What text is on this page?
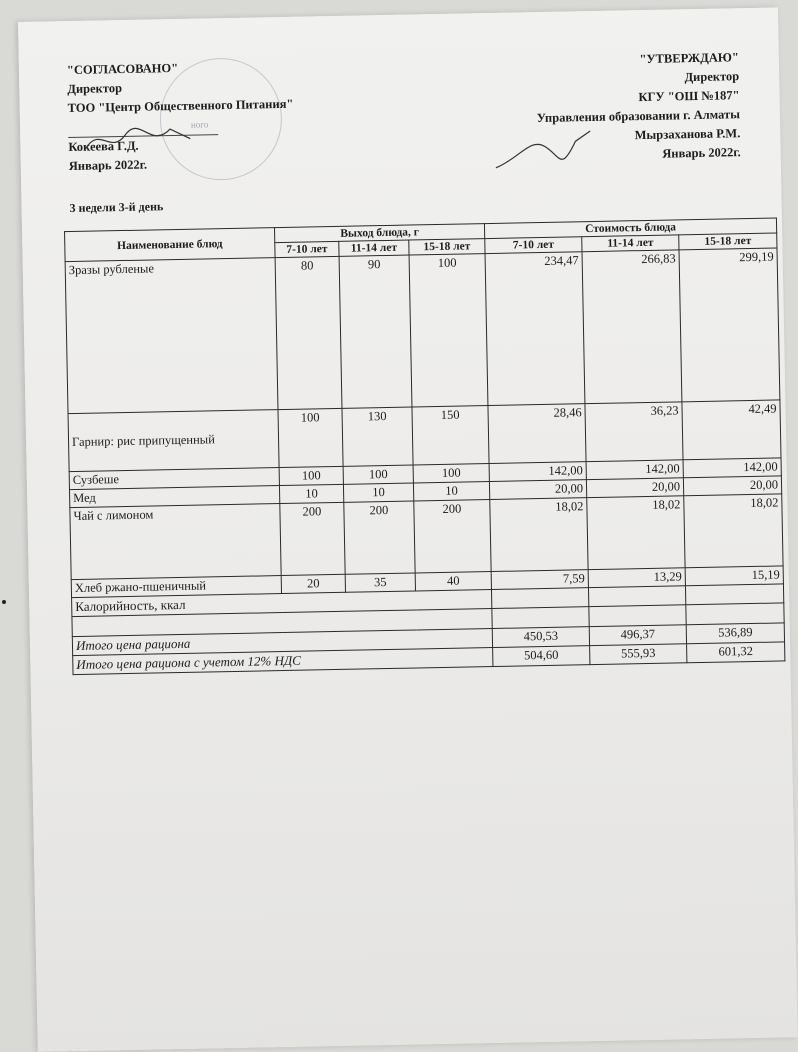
ного
"СОГЛАСОВАНО"
Директор
ТОО "Центр Общественного Питания"
Кокеева Г.Д.
Январь 2022г.
"УТВЕРЖДАЮ"
Директор
КГУ "ОШ №187"
Управления образовании г. Алматы
Мырзаханова Р.М.
Январь 2022г.
3 недели 3-й день
Наименование блюд	Выход блюда, г			Стоимость блюда		
	7-10 лет	11-14 лет	15-18 лет	7-10 лет	11-14 лет	15-18 лет
Зразы рубленые	80	90	100	234,47	266,83	299,19
Гарнир: рис припущенный	100	130	150	28,46	36,23	42,49
Сузбеше	100	100	100	142,00	142,00	142,00
Мед	10	10	10	20,00	20,00	20,00
Чай с лимоном	200	200	200	18,02	18,02	18,02
Хлеб ржано-пшеничный	20	35	40	7,59	13,29	15,19
Калорийность, ккал						

Итого цена рациона				450,53	496,37	536,89
Итого цена рациона с учетом 12% НДС				504,60	555,93	601,32
